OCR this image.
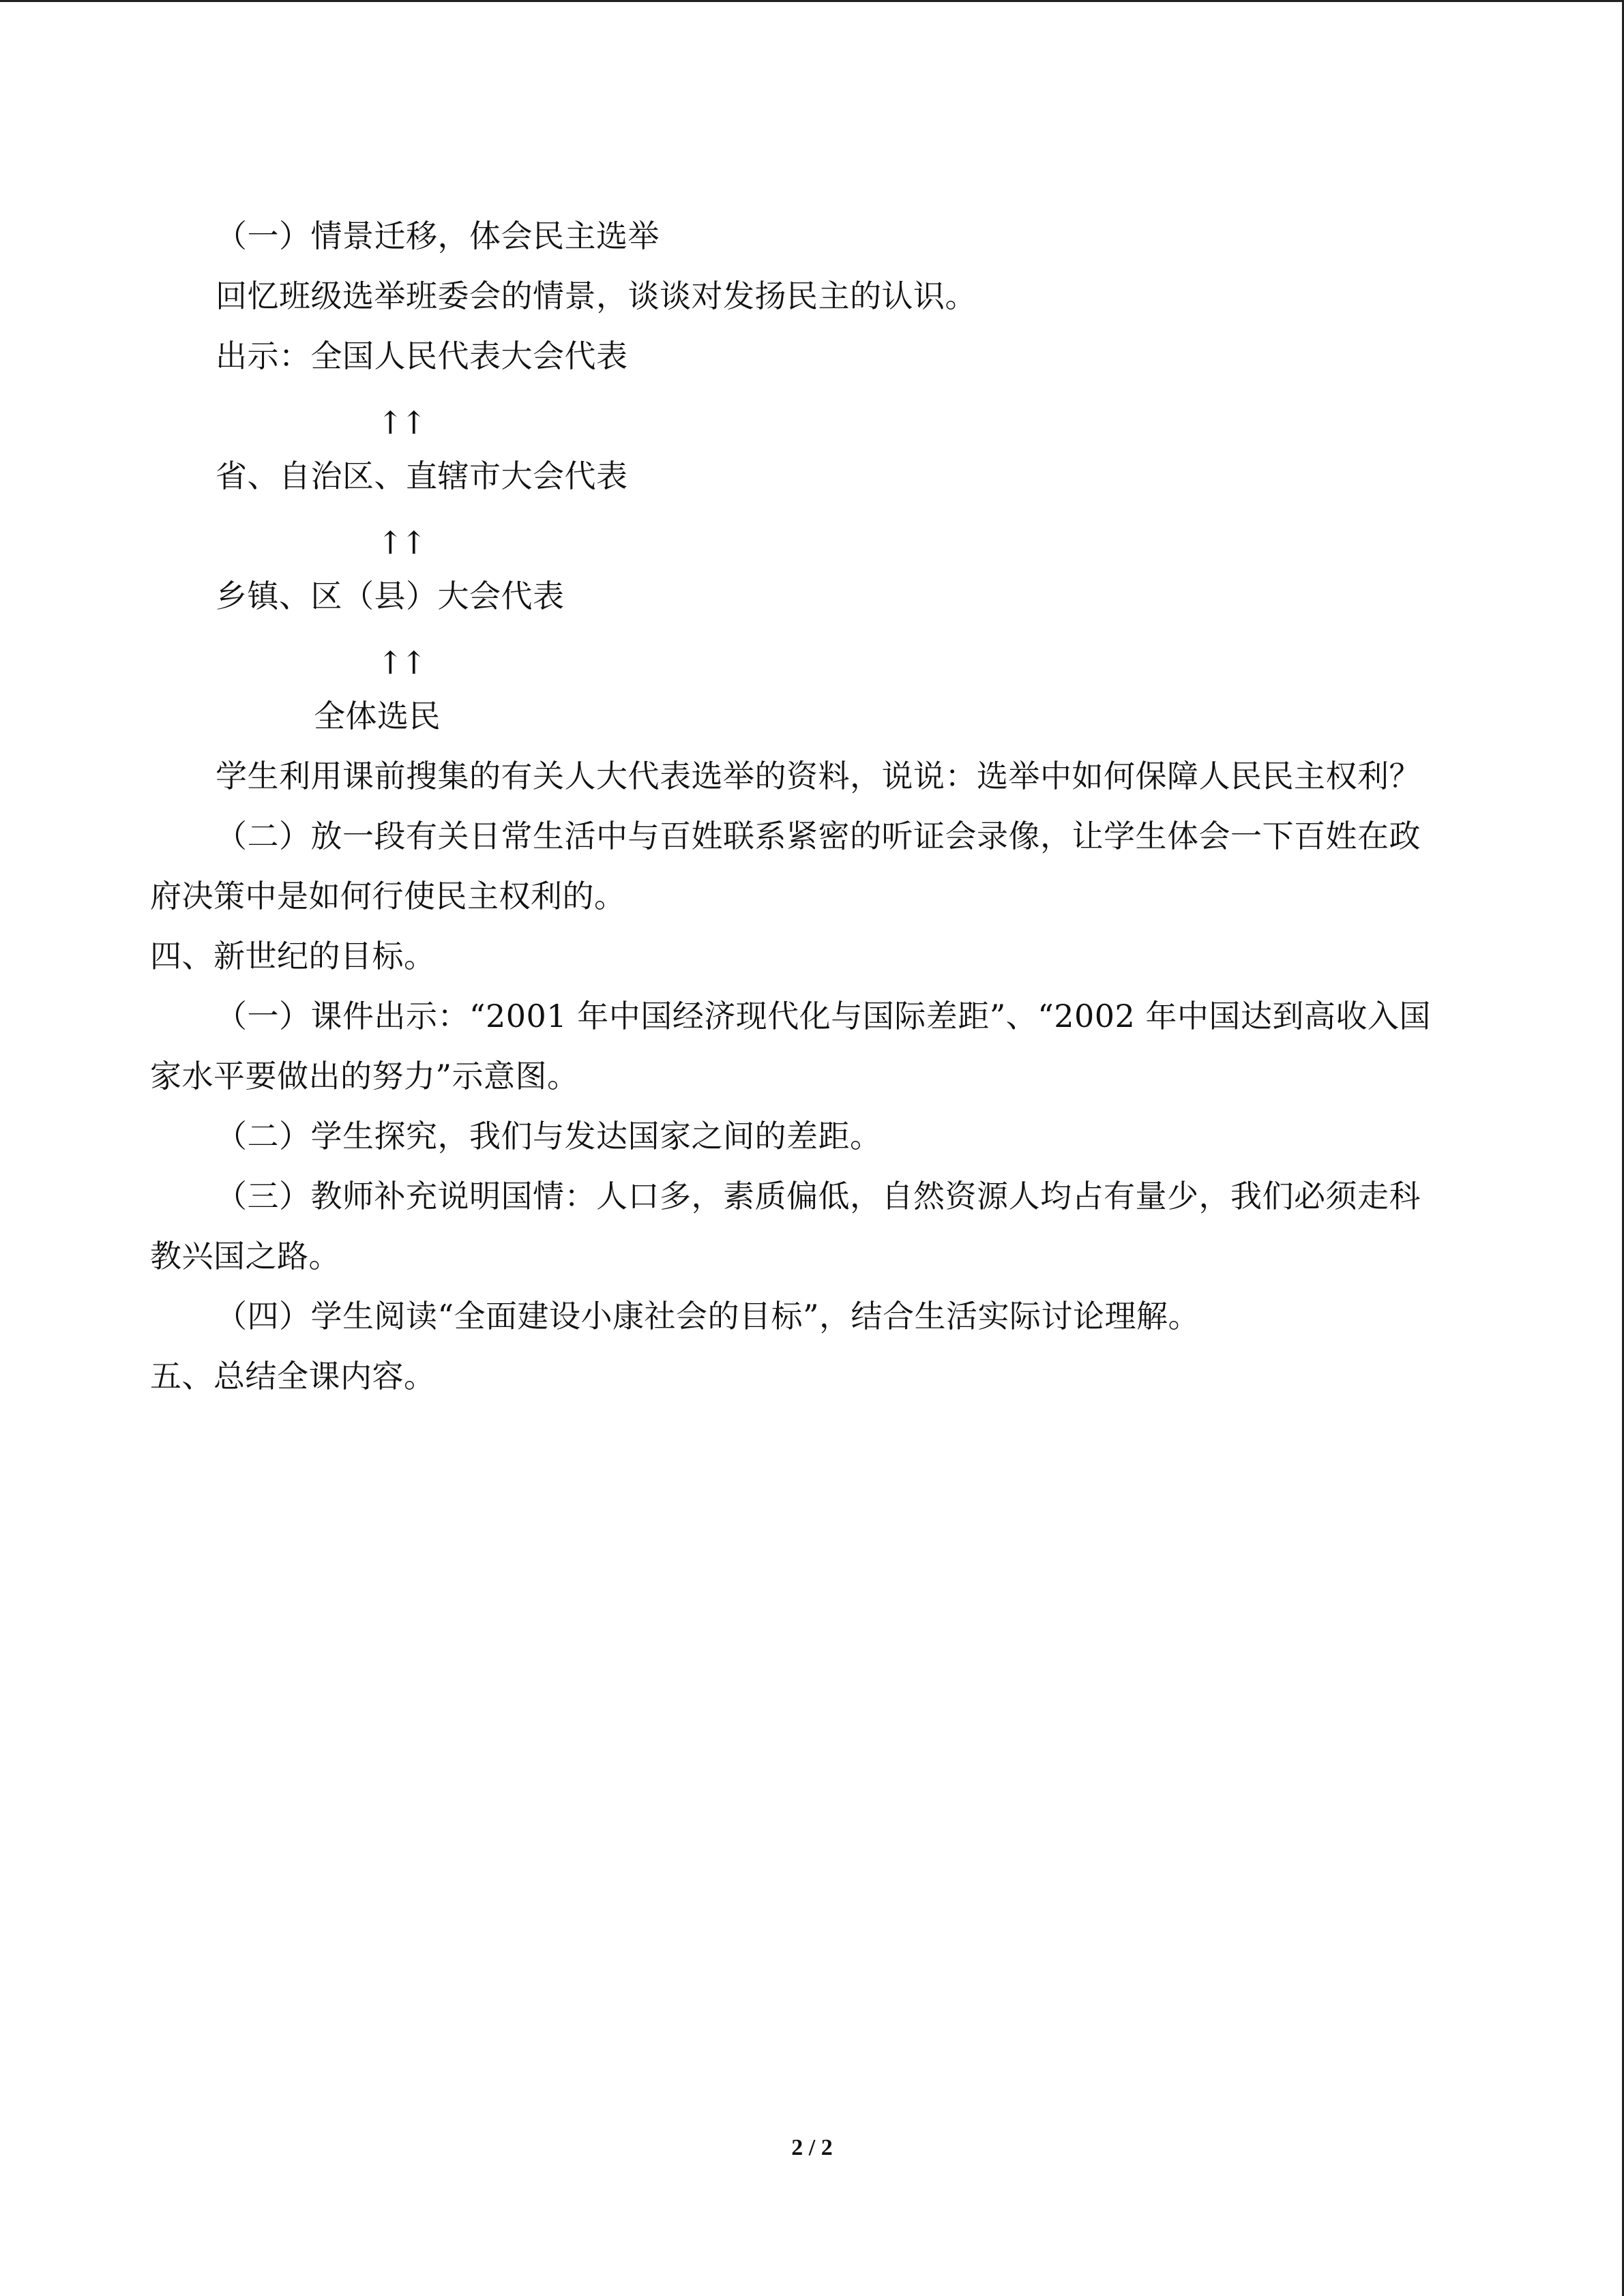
（一）情景迁移，体会民主选举
回忆班级选举班委会的情景，谈谈对发扬民主的认识。
出示：全国人民代表大会代表
↑↑
省、自治区、直辖市大会代表
↑↑
乡镇、区（县）大会代表
↑↑
全体选民
学生利用课前搜集的有关人大代表选举的资料，说说：选举中如何保障人民民主权利？
（二）放一段有关日常生活中与百姓联系紧密的听证会录像，让学生体会一下百姓在政
府决策中是如何行使民主权利的。
四、新世纪的目标。
（一）课件出示：“2001 年中国经济现代化与国际差距”、“2002 年中国达到高收入国
家水平要做出的努力”示意图。
（二）学生探究，我们与发达国家之间的差距。
（三）教师补充说明国情：人口多，素质偏低，自然资源人均占有量少，我们必须走科
教兴国之路。
（四）学生阅读“全面建设小康社会的目标”，结合生活实际讨论理解。
五、总结全课内容。
2 / 2
